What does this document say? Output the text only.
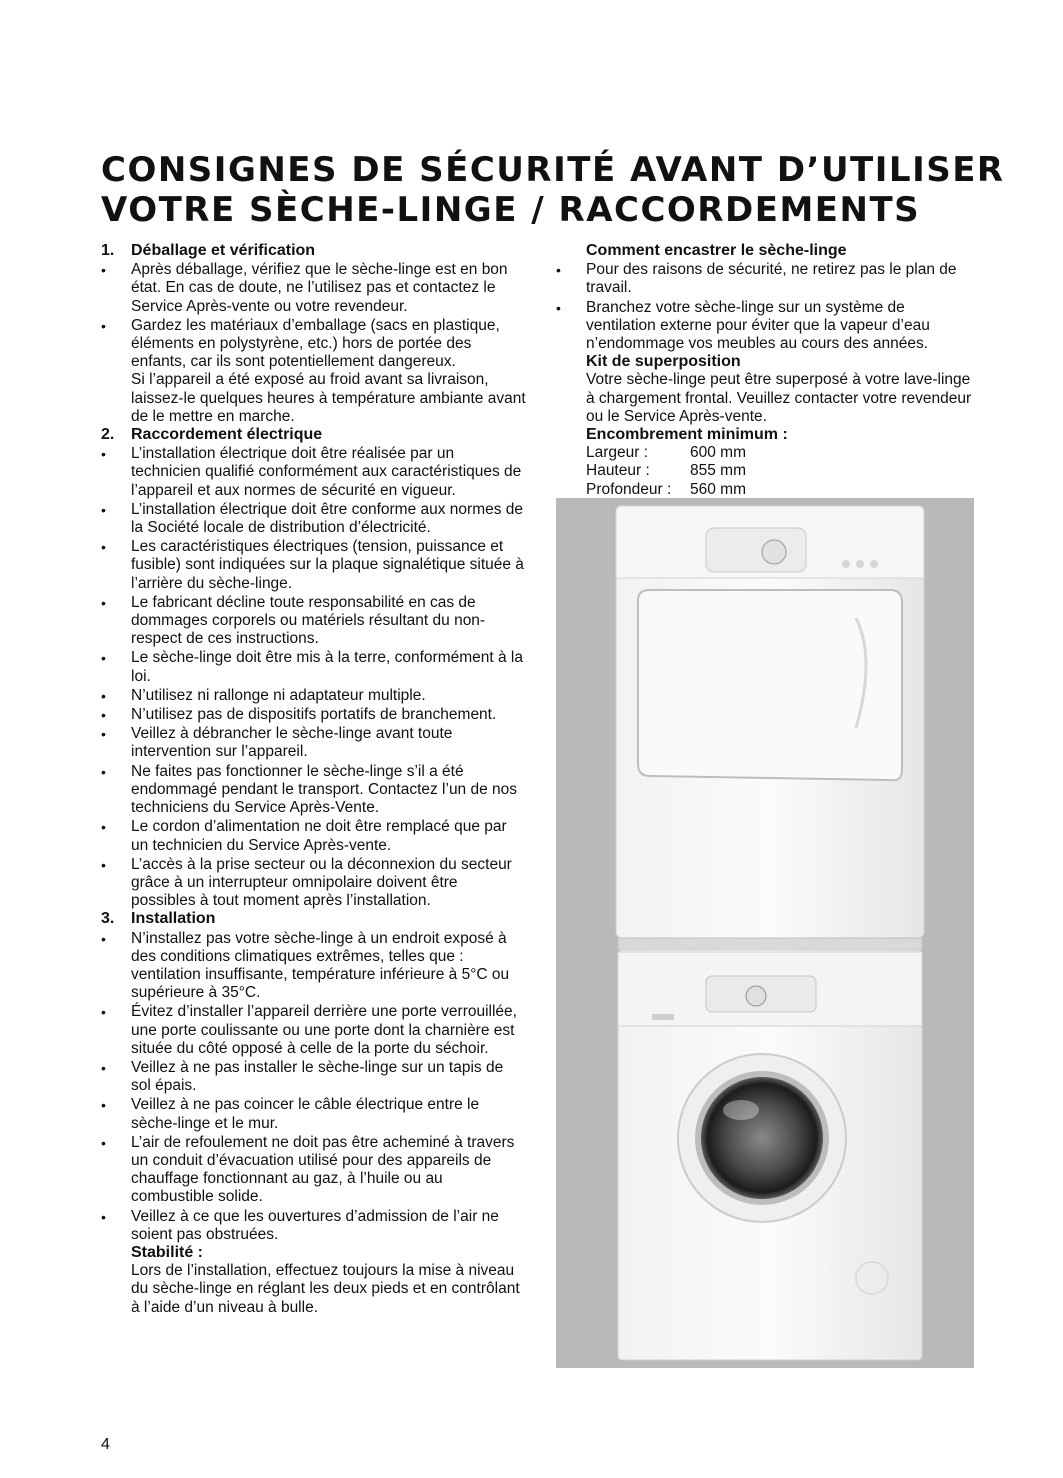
CONSIGNES DE SÉCURITÉ AVANT D’UTILISER
VOTRE SÈCHE-LINGE / RACCORDEMENTS
1.	Déballage et vérification
•	Après déballage, vérifiez que le sèche-linge est en bon état. En cas de doute, ne l’utilisez pas et contactez le Service Après-vente ou votre revendeur.
•	Gardez les matériaux d’emballage (sacs en plastique, éléments en polystyrène, etc.) hors de portée des enfants, car ils sont potentiellement dangereux.
Si l’appareil a été exposé au froid avant sa livraison, laissez-le quelques heures à température ambiante avant de le mettre en marche.
2.	Raccordement électrique
•	L’installation électrique doit être réalisée par un technicien qualifié conformément aux caractéristiques de l’appareil et aux normes de sécurité en vigueur.
•	L’installation électrique doit être conforme aux normes de la Société locale de distribution d’électricité.
•	Les caractéristiques électriques (tension, puissance et fusible) sont indiquées sur la plaque signalétique située à l’arrière du sèche-linge.
•	Le fabricant décline toute responsabilité en cas de dommages corporels ou matériels résultant du non-respect de ces instructions.
•	Le sèche-linge doit être mis à la terre, conformément à la loi.
•	N’utilisez ni rallonge ni adaptateur multiple.
•	N’utilisez pas de dispositifs portatifs de branchement.
•	Veillez à débrancher le sèche-linge avant toute intervention sur l’appareil.
•	Ne faites pas fonctionner le sèche-linge s’il a été endommagé pendant le transport. Contactez l’un de nos techniciens du Service Après-Vente.
•	Le cordon d’alimentation ne doit être remplacé que par un technicien du Service Après-vente.
•	L’accès à la prise secteur ou la déconnexion du secteur grâce à un interrupteur omnipolaire doivent être possibles à tout moment après l’installation.
3.	Installation
•	N’installez pas votre sèche-linge à un endroit exposé à des conditions climatiques extrêmes, telles que : ventilation insuffisante, température inférieure à 5°C ou supérieure à 35°C.
•	Évitez d’installer l’appareil derrière une porte verrouillée, une porte coulissante ou une porte dont la charnière est située du côté opposé à celle de la porte du séchoir.
•	Veillez à ne pas installer le sèche-linge sur un tapis de sol épais.
•	Veillez à ne pas coincer le câble électrique entre le sèche-linge et le mur.
•	L’air de refoulement ne doit pas être acheminé à travers un conduit d’évacuation utilisé pour des appareils de chauffage fonctionnant au gaz, à l’huile ou au combustible solide.
•	Veillez à ce que les ouvertures d’admission de l’air ne soient pas obstruées.
Stabilité :
Lors de l’installation, effectuez toujours la mise à niveau du sèche-linge en réglant les deux pieds et en contrôlant à l’aide d’un niveau à bulle.
Comment encastrer le sèche-linge
•	Pour des raisons de sécurité, ne retirez pas le plan de travail.
•	Branchez votre sèche-linge sur un système de ventilation externe pour éviter que la vapeur d’eau n’endommage vos meubles au cours des années.
Kit de superposition
Votre sèche-linge peut être superposé à votre lave-linge à chargement frontal. Veuillez contacter votre revendeur ou le Service Après-vente.
Encombrement minimum :
Largeur :	600 mm
Hauteur :	855 mm
Profondeur :	560 mm
4
